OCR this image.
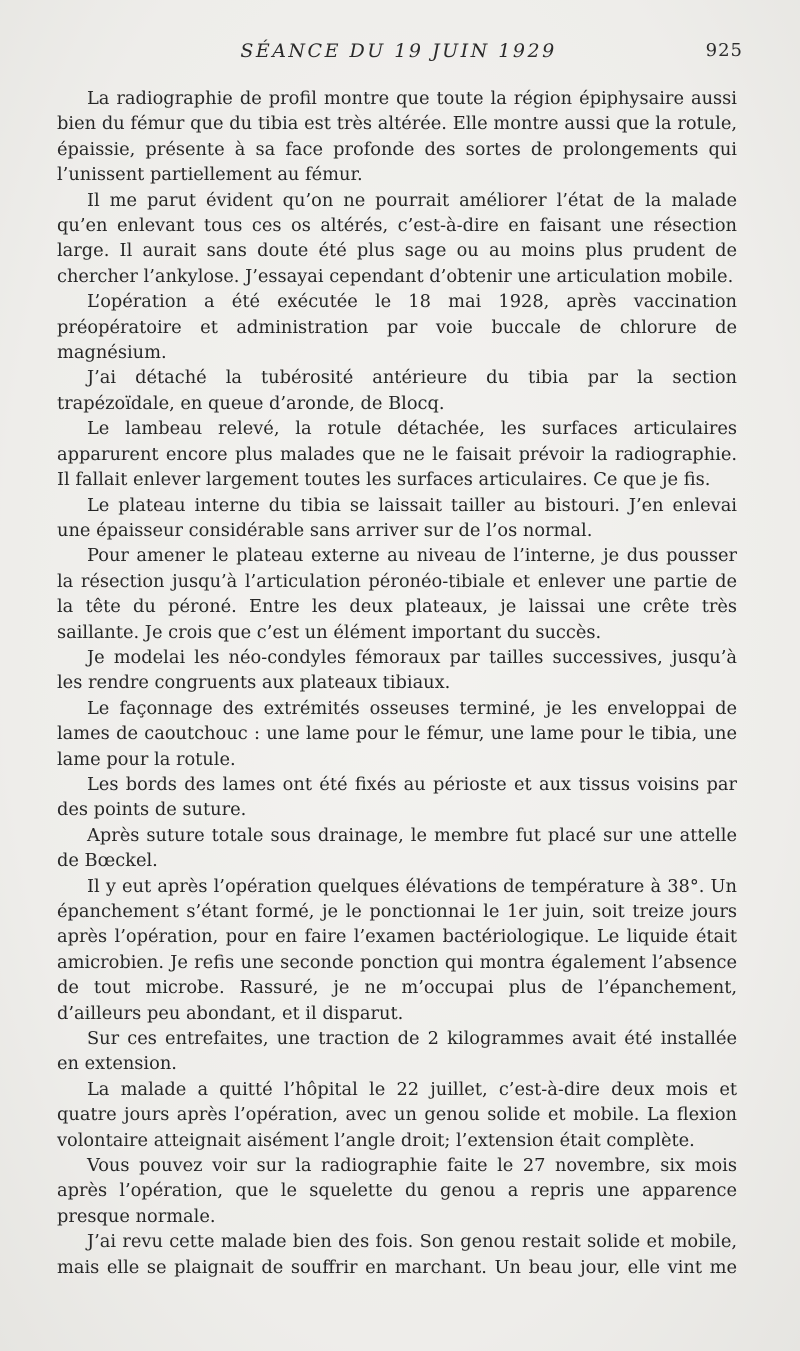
SÉANCE DU 19 JUIN 1929	925

La radiographie de profil montre que toute la région épiphysaire aussi bien du fémur que du tibia est très altérée. Elle montre aussi que la rotule, épaissie, présente à sa face profonde des sortes de prolongements qui l’unissent partiellement au fémur.

Il me parut évident qu’on ne pourrait améliorer l’état de la malade qu’en enlevant tous ces os altérés, c’est-à-dire en faisant une résection large. Il aurait sans doute été plus sage ou au moins plus prudent de chercher l’ankylose. J’essayai cependant d’obtenir une articulation mobile.

L’opération a été exécutée le 18 mai 1928, après vaccination préopératoire et administration par voie buccale de chlorure de magnésium.

J’ai détaché la tubérosité antérieure du tibia par la section trapézoïdale, en queue d’aronde, de Blocq.

Le lambeau relevé, la rotule détachée, les surfaces articulaires apparurent encore plus malades que ne le faisait prévoir la radiographie. Il fallait enlever largement toutes les surfaces articulaires. Ce que je fis.

Le plateau interne du tibia se laissait tailler au bistouri. J’en enlevai une épaisseur considérable sans arriver sur de l’os normal.

Pour amener le plateau externe au niveau de l’interne, je dus pousser la résection jusqu’à l’articulation péronéo-tibiale et enlever une partie de la tête du péroné. Entre les deux plateaux, je laissai une crête très saillante. Je crois que c’est un élément important du succès.

Je modelai les néo-condyles fémoraux par tailles successives, jusqu’à les rendre congruents aux plateaux tibiaux.

Le façonnage des extrémités osseuses terminé, je les enveloppai de lames de caoutchouc : une lame pour le fémur, une lame pour le tibia, une lame pour la rotule.

Les bords des lames ont été fixés au périoste et aux tissus voisins par des points de suture.

Après suture totale sous drainage, le membre fut placé sur une attelle de Bœckel.

Il y eut après l’opération quelques élévations de température à 38°. Un épanchement s’étant formé, je le ponctionnai le 1er juin, soit treize jours après l’opération, pour en faire l’examen bactériologique. Le liquide était amicrobien. Je refis une seconde ponction qui montra également l’absence de tout microbe. Rassuré, je ne m’occupai plus de l’épanchement, d’ailleurs peu abondant, et il disparut.

Sur ces entrefaites, une traction de 2 kilogrammes avait été installée en extension.

La malade a quitté l’hôpital le 22 juillet, c’est-à-dire deux mois et quatre jours après l’opération, avec un genou solide et mobile. La flexion volontaire atteignait aisément l’angle droit; l’extension était complète.

Vous pouvez voir sur la radiographie faite le 27 novembre, six mois après l’opération, que le squelette du genou a repris une apparence presque normale.

J’ai revu cette malade bien des fois. Son genou restait solide et mobile, mais elle se plaignait de souffrir en marchant. Un beau jour, elle vint me
